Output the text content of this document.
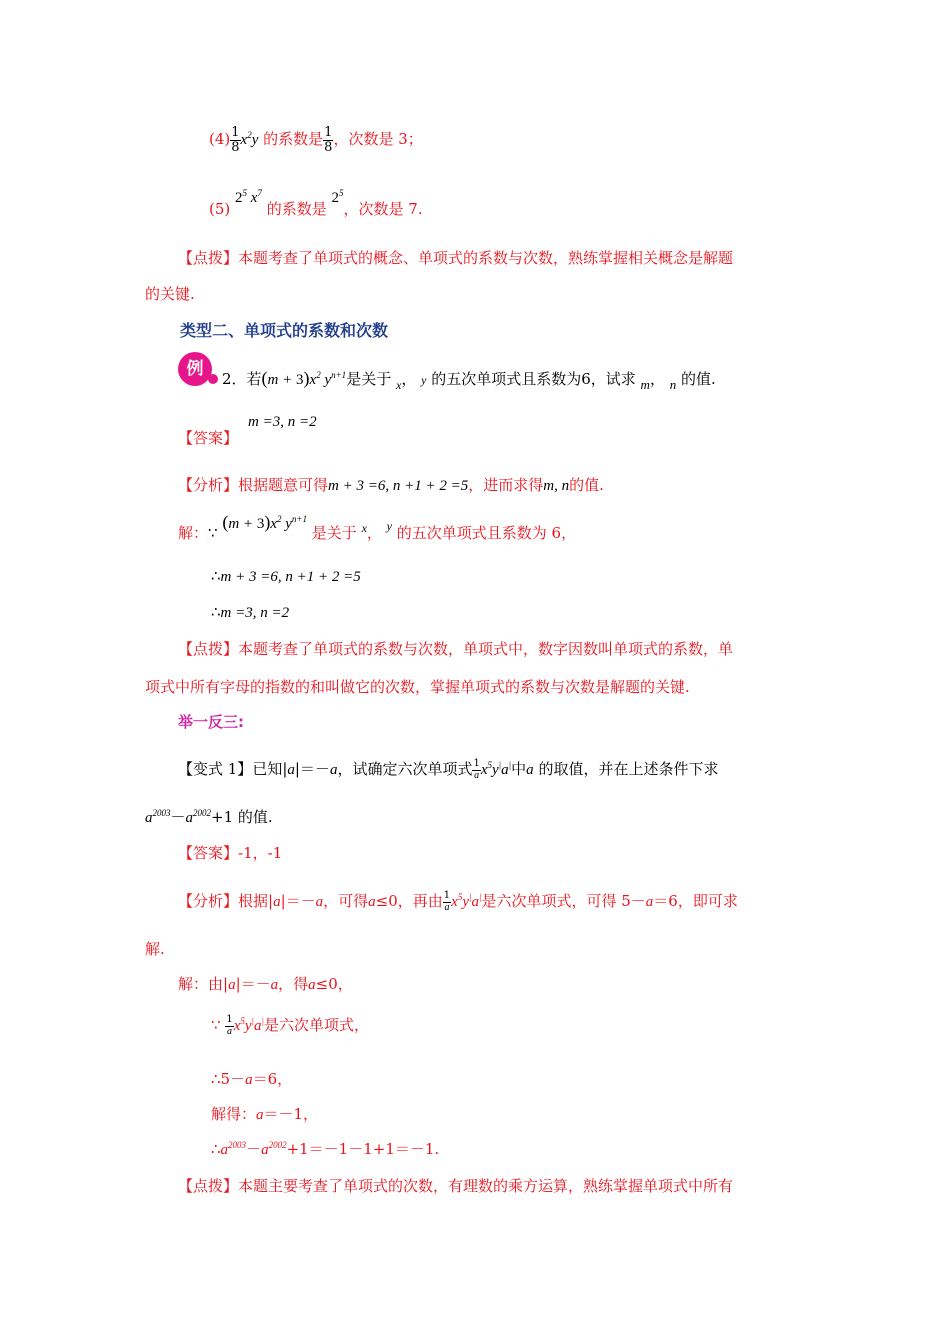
$(4) \frac{1}{8} x^2y$ 的系数是 $\frac{1}{8}$ ，次数是 3；
(5) $2^5$ $x^7$ 的系数是 $2^5$，次数是 7.
【点拨】本题考查了单项式的概念、单项式的系数与次数，熟练掌握相关概念是解题
的关键.
类型二、单项式的系数和次数
例	2．若$(m + 3)x^2$ $y^{n+1}$是关于 $_x$， y 的五次单项式且系数为6，试求 m， n 的值.
m =3, n =2
【答案】
【分析】根据题意可得m + 3 =6, n +1 + 2 =5，进而求得m, n的值.
解：∵ $(m + 3)x^2$ $y^{n+1}$ 是关于 $^x$， $^y$ 的五次单项式且系数为 6，
∴m + 3 =6, n +1 + 2 =5
∴m =3, n =2
【点拨】本题考查了单项式的系数与次数，单项式中，数字因数叫单项式的系数，单
项式中所有字母的指数的和叫做它的次数，掌握单项式的系数与次数是解题的关键.
举一反三:
【变式 1】已知|a|＝－a，试确定六次单项式 $\frac{1}{a} x^5y^|a^|$中a 的取值，并在上述条件下求
$a^{2003}-a^{2002}+1$ 的值.
【答案】-1，-1
【分析】根据|a|＝－a，可得a≤0，再由 $\frac{1}{a} x^5y^|a^|$是六次单项式，可得 5－a＝6，即可求
解.
解：由|a|＝－a，得a≤0，
∵ $\frac{1}{a} x^5y^|a^|$是六次单项式，
∴5－a＝6，
解得：a＝－1，
$\therefore a^{2003}-a^{2002}+1=-1-1+1=-1$.
【点拨】本题主要考查了单项式的次数，有理数的乘方运算，熟练掌握单项式中所有
